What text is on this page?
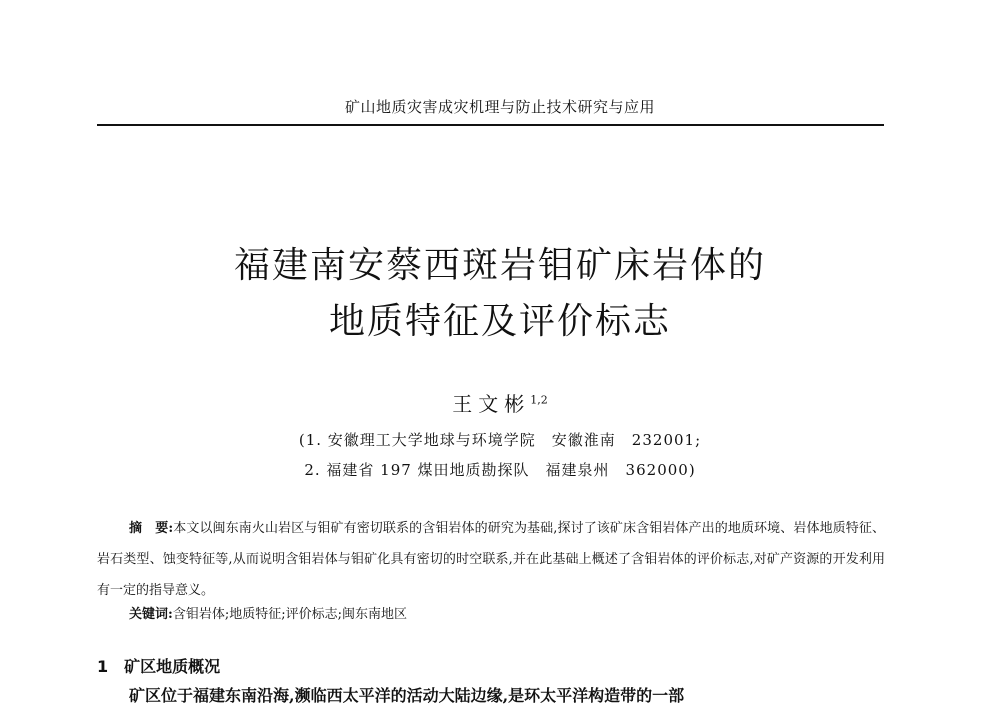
矿山地质灾害成灾机理与防止技术研究与应用
福建南安蔡西斑岩钼矿床岩体的
地质特征及评价标志
王文彬$^{1,2}$
(1. 安徽理工大学地球与环境学院　安徽淮南　232001;
2. 福建省 197 煤田地质勘探队　福建泉州　362000)
摘　要:本文以闽东南火山岩区与钼矿有密切联系的含钼岩体的研究为基础,探讨了该矿床含钼岩体产出的地质环境、岩体地质特征、岩石类型、蚀变特征等,从而说明含钼岩体与钼矿化具有密切的时空联系,并在此基础上概述了含钼岩体的评价标志,对矿产资源的开发利用有一定的指导意义。
关键词:含钼岩体;地质特征;评价标志;闽东南地区
1 矿区地质概况
矿区位于福建东南沿海,濒临西太平洋的活动大陆边缘,是环太平洋构造带的一部
